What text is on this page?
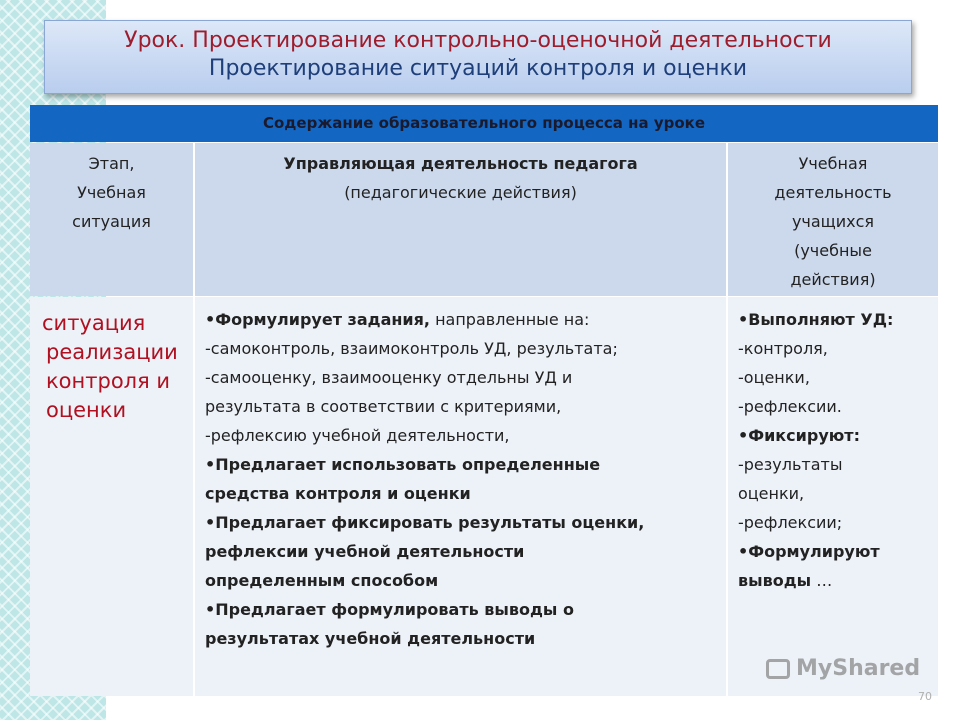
Урок. Проектирование контрольно-оценочной деятельности
Проектирование ситуаций контроля и оценки
Содержание образовательного процесса на уроке
Этап,
Учебная
ситуация
Управляющая деятельность педагога
(педагогические действия)
Учебная
деятельность
учащихся
(учебные
действия)
ситуация
реализации
контроля и
оценки
•Формулирует задания, направленные на:
-самоконтроль, взаимоконтроль УД, результата;
-самооценку, взаимооценку отдельны УД и
результата в соответствии с критериями,
-рефлексию учебной деятельности,
•Предлагает использовать определенные
средства контроля и оценки
•Предлагает фиксировать результаты оценки,
рефлексии учебной деятельности
определенным способом
•Предлагает формулировать выводы о
результатах учебной деятельности
•Выполняют УД:
-контроля,
-оценки,
-рефлексии.
•Фиксируют:
-результаты
оценки,
-рефлексии;
•Формулируют
выводы …
MyShared
70
